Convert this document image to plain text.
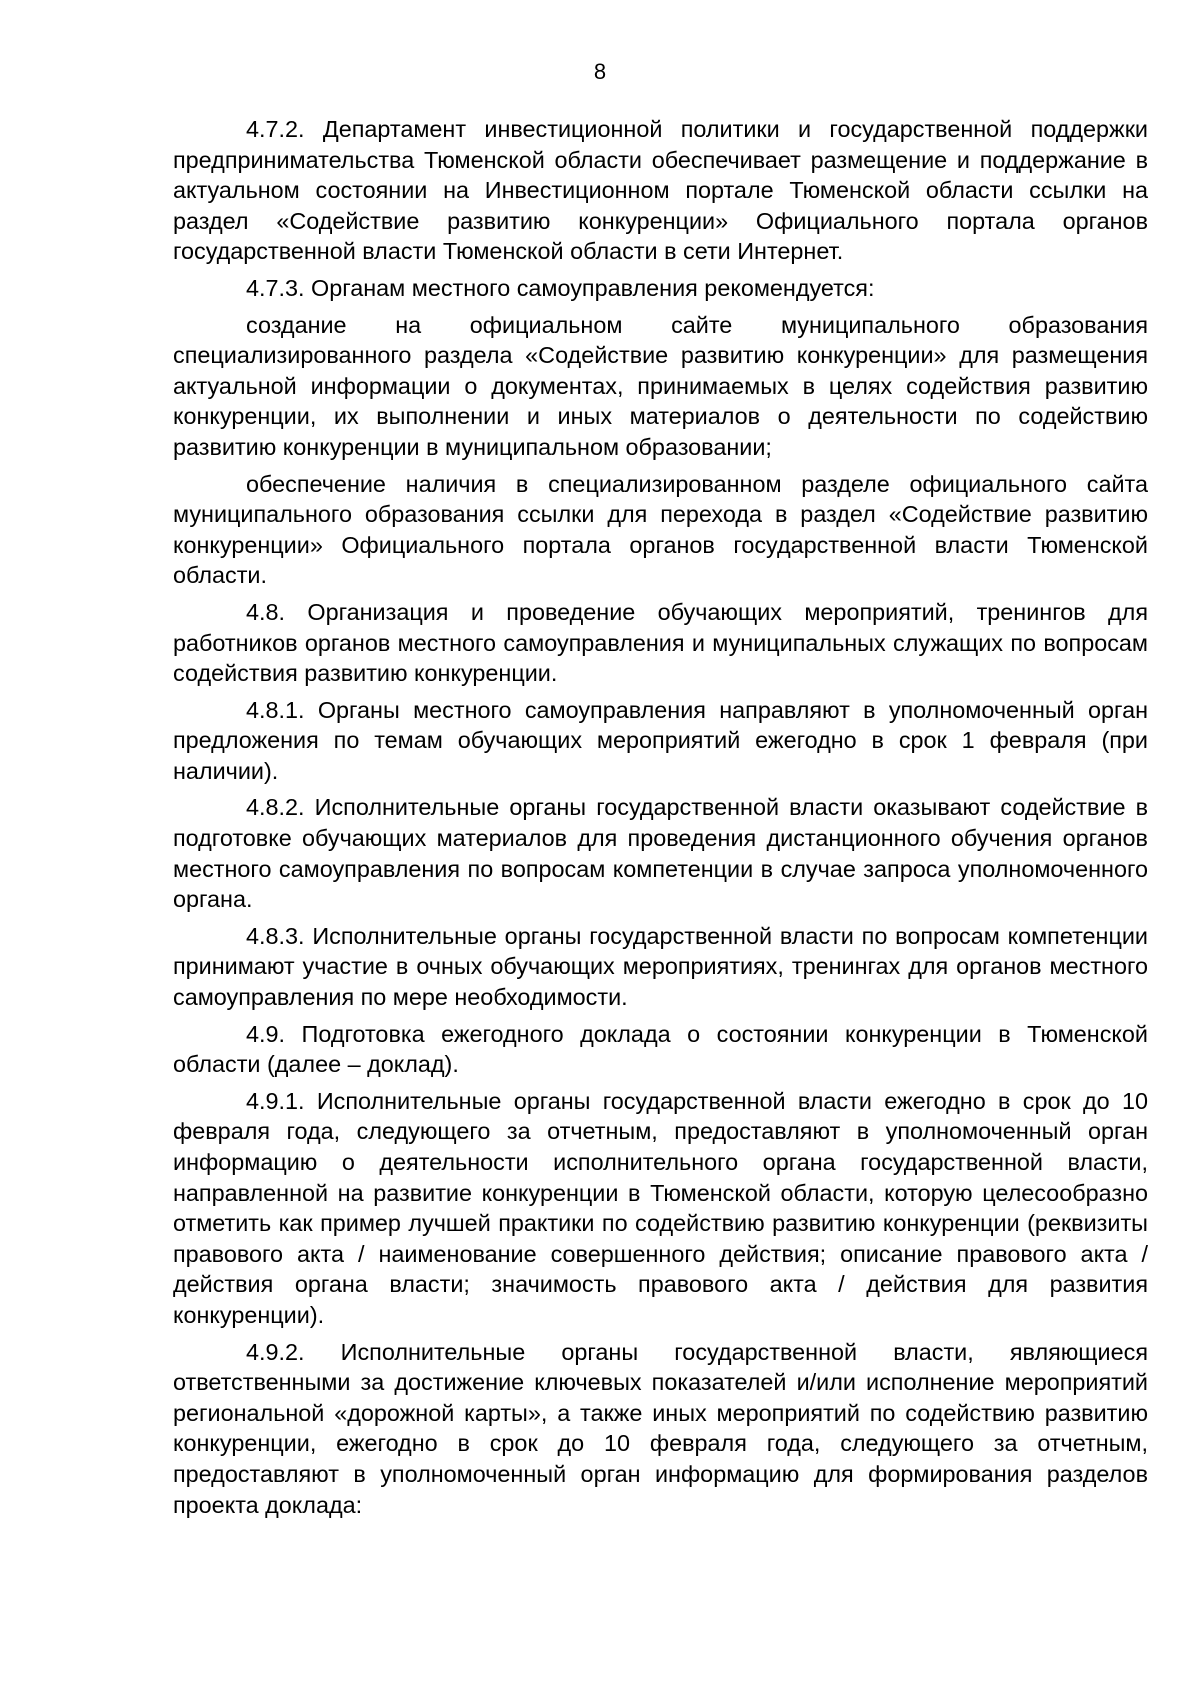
8

4.7.2. Департамент инвестиционной политики и государственной поддержки предпринимательства Тюменской области обеспечивает размещение и поддержание в актуальном состоянии на Инвестиционном портале Тюменской области ссылки на раздел «Содействие развитию конкуренции» Официального портала органов государственной власти Тюменской области в сети Интернет.

4.7.3. Органам местного самоуправления рекомендуется:

создание на официальном сайте муниципального образования специализированного раздела «Содействие развитию конкуренции» для размещения актуальной информации о документах, принимаемых в целях содействия развитию конкуренции, их выполнении и иных материалов о деятельности по содействию развитию конкуренции в муниципальном образовании;

обеспечение наличия в специализированном разделе официального сайта муниципального образования ссылки для перехода в раздел «Содействие развитию конкуренции» Официального портала органов государственной власти Тюменской области.

4.8. Организация и проведение обучающих мероприятий, тренингов для работников органов местного самоуправления и муниципальных служащих по вопросам содействия развитию конкуренции.

4.8.1. Органы местного самоуправления направляют в уполномоченный орган предложения по темам обучающих мероприятий ежегодно в срок 1 февраля (при наличии).

4.8.2. Исполнительные органы государственной власти оказывают содействие в подготовке обучающих материалов для проведения дистанционного обучения органов местного самоуправления по вопросам компетенции в случае запроса уполномоченного органа.

4.8.3. Исполнительные органы государственной власти по вопросам компетенции принимают участие в очных обучающих мероприятиях, тренингах для органов местного самоуправления по мере необходимости.

4.9. Подготовка ежегодного доклада о состоянии конкуренции в Тюменской области (далее – доклад).

4.9.1. Исполнительные органы государственной власти ежегодно в срок до 10 февраля года, следующего за отчетным, предоставляют в уполномоченный орган информацию о деятельности исполнительного органа государственной власти, направленной на развитие конкуренции в Тюменской области, которую целесообразно отметить как пример лучшей практики по содействию развитию конкуренции (реквизиты правового акта / наименование совершенного действия; описание правового акта / действия органа власти; значимость правового акта / действия для развития конкуренции).

4.9.2. Исполнительные органы государственной власти, являющиеся ответственными за достижение ключевых показателей и/или исполнение мероприятий региональной «дорожной карты», а также иных мероприятий по содействию развитию конкуренции, ежегодно в срок до 10 февраля года, следующего за отчетным, предоставляют в уполномоченный орган информацию для формирования разделов проекта доклада:
